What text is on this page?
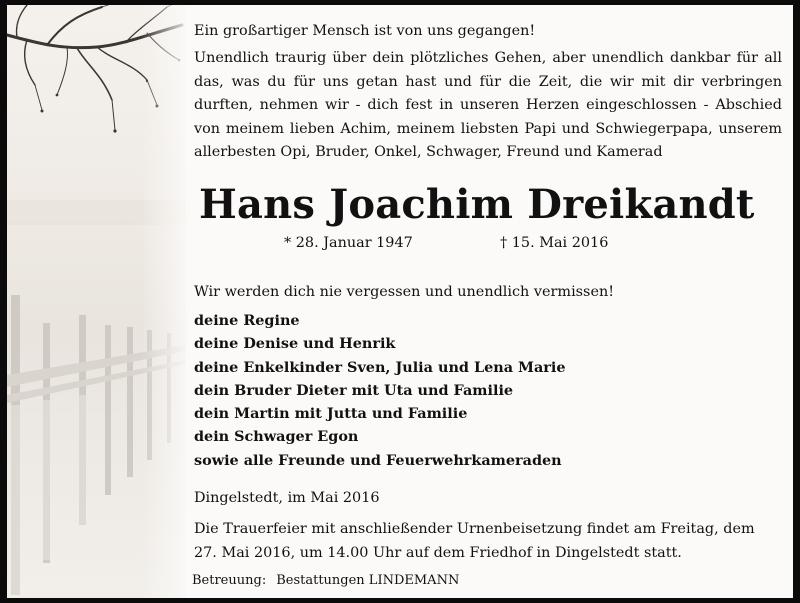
Ein großartiger Mensch ist von uns gegangen!

Unendlich traurig über dein plötzliches Gehen, aber unendlich dankbar für all das, was du für uns getan hast und für die Zeit, die wir mit dir verbringen durften, nehmen wir - dich fest in unseren Herzen eingeschlossen - Abschied von meinem lieben Achim, meinem liebsten Papi und Schwiegerpapa, unserem allerbesten Opi, Bruder, Onkel, Schwager, Freund und Kamerad

Hans Joachim Dreikandt
* 28. Januar 1947	† 15. Mai 2016

Wir werden dich nie vergessen und unendlich vermissen!

deine Regine
deine Denise und Henrik
deine Enkelkinder Sven, Julia und Lena Marie
dein Bruder Dieter mit Uta und Familie
dein Martin mit Jutta und Familie
dein Schwager Egon
sowie alle Freunde und Feuerwehrkameraden

Dingelstedt, im Mai 2016

Die Trauerfeier mit anschließender Urnenbeisetzung findet am Freitag, dem
27. Mai 2016, um 14.00 Uhr auf dem Friedhof in Dingelstedt statt.
Betreuung: Bestattungen LINDEMANN
